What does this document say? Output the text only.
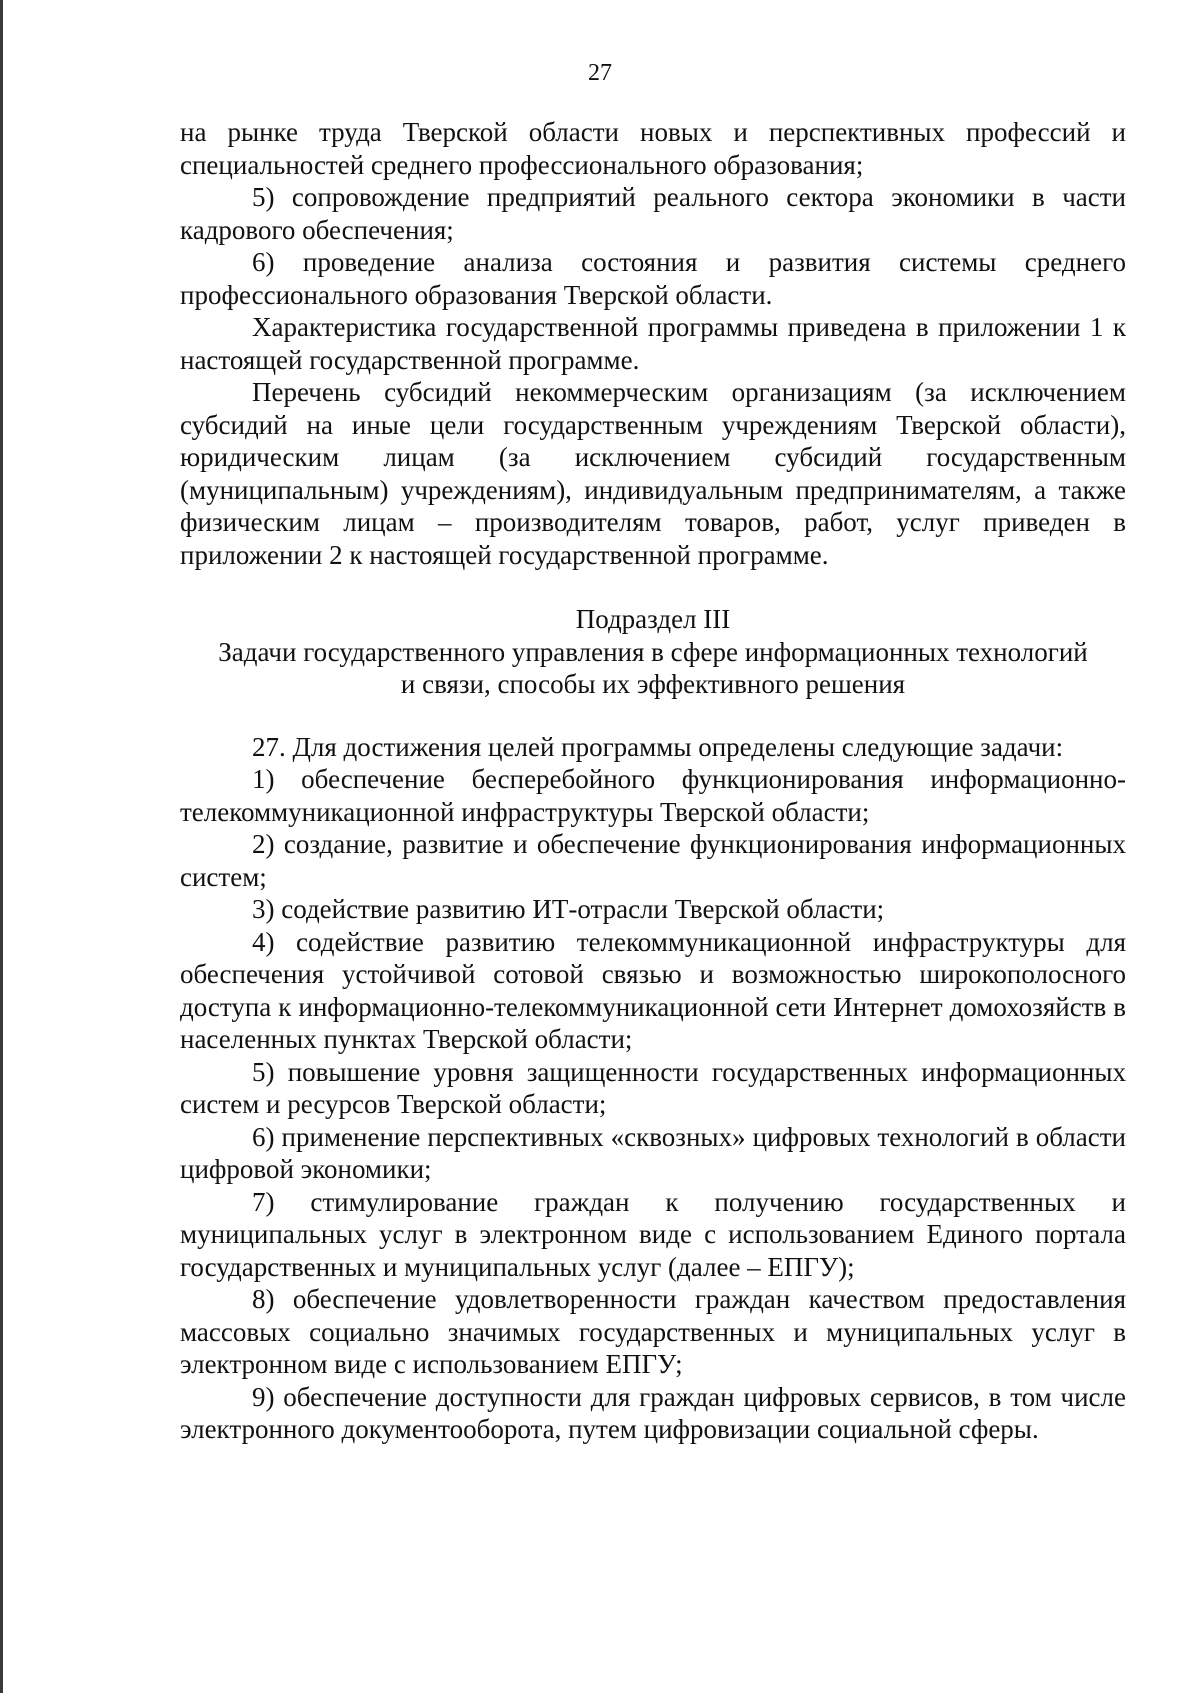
27

на рынке труда Тверской области новых и перспективных профессий и специальностей среднего профессионального образования;

5) сопровождение предприятий реального сектора экономики в части кадрового обеспечения;

6) проведение анализа состояния и развития системы среднего профессионального образования Тверской области.

Характеристика государственной программы приведена в приложении 1 к настоящей государственной программе.

Перечень субсидий некоммерческим организациям (за исключением субсидий на иные цели государственным учреждениям Тверской области), юридическим лицам (за исключением субсидий государственным (муниципальным) учреждениям), индивидуальным предпринимателям, а также физическим лицам – производителям товаров, работ, услуг приведен в приложении 2 к настоящей государственной программе.

Подраздел III

Задачи государственного управления в сфере информационных технологий

и связи, способы их эффективного решения

27. Для достижения целей программы определены следующие задачи:

1) обеспечение бесперебойного функционирования информационно-телекоммуникационной инфраструктуры Тверской области;

2) создание, развитие и обеспечение функционирования информационных систем;

3) содействие развитию ИТ-отрасли Тверской области;

4) содействие развитию телекоммуникационной инфраструктуры для обеспечения устойчивой сотовой связью и возможностью широкополосного доступа к информационно-телекоммуникационной сети Интернет домохозяйств в населенных пунктах Тверской области;

5) повышение уровня защищенности государственных информационных систем и ресурсов Тверской области;

6) применение перспективных «сквозных» цифровых технологий в области цифровой экономики;

7) стимулирование граждан к получению государственных и муниципальных услуг в электронном виде с использованием Единого портала государственных и муниципальных услуг (далее – ЕПГУ);

8) обеспечение удовлетворенности граждан качеством предоставления массовых социально значимых государственных и муниципальных услуг в электронном виде с использованием ЕПГУ;

9) обеспечение доступности для граждан цифровых сервисов, в том числе электронного документооборота, путем цифровизации социальной сферы.
